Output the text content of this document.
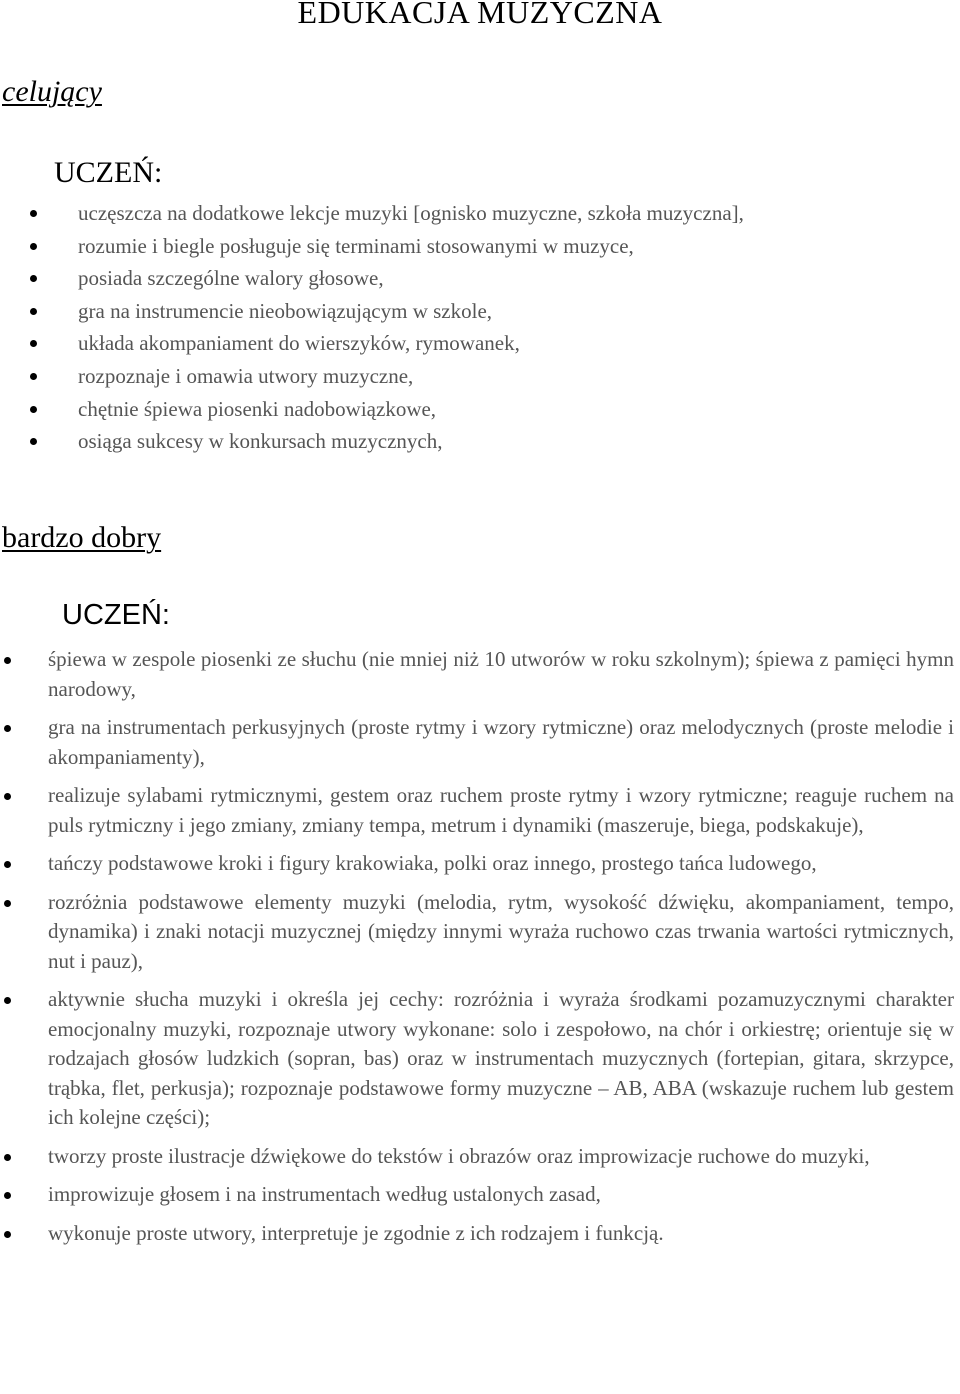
EDUKACJA MUZYCZNA
celujący
UCZEŃ:
uczęszcza na dodatkowe lekcje muzyki [ognisko muzyczne, szkoła muzyczna],
rozumie i biegle posługuje się terminami stosowanymi w muzyce,
posiada szczególne walory głosowe,
gra na instrumencie nieobowiązującym w szkole,
układa akompaniament do wierszyków, rymowanek,
rozpoznaje i omawia utwory muzyczne,
chętnie śpiewa piosenki nadobowiązkowe,
osiąga sukcesy w konkursach muzycznych,
bardzo dobry
UCZEŃ:
śpiewa w zespole piosenki ze słuchu (nie mniej niż 10 utworów w roku szkolnym); śpiewa z pamięci hymn narodowy,
gra na instrumentach perkusyjnych (proste rytmy i wzory rytmiczne) oraz melodycznych (proste melodie i akompaniamenty),
realizuje sylabami rytmicznymi, gestem oraz ruchem proste rytmy i wzory rytmiczne; reaguje ruchem na puls rytmiczny i jego zmiany, zmiany tempa, metrum i dynamiki (maszeruje, biega, podskakuje),
tańczy podstawowe kroki i figury krakowiaka, polki oraz innego, prostego tańca ludowego,
rozróżnia podstawowe elementy muzyki (melodia, rytm, wysokość dźwięku, akompaniament, tempo, dynamika) i znaki notacji muzycznej (między innymi wyraża ruchowo czas trwania wartości rytmicznych, nut i pauz),
aktywnie słucha muzyki i określa jej cechy: rozróżnia i wyraża środkami pozamuzycznymi charakter emocjonalny muzyki, rozpoznaje utwory wykonane: solo i zespołowo, na chór i orkiestrę; orientuje się w rodzajach głosów ludzkich (sopran, bas) oraz w instrumentach muzycznych (fortepian, gitara, skrzypce, trąbka, flet, perkusja); rozpoznaje podstawowe formy muzyczne – AB, ABA (wskazuje ruchem lub gestem ich kolejne części);
tworzy proste ilustracje dźwiękowe do tekstów i obrazów oraz improwizacje ruchowe do muzyki,
improwizuje głosem i na instrumentach według ustalonych zasad,
wykonuje proste utwory, interpretuje je zgodnie z ich rodzajem i funkcją.
